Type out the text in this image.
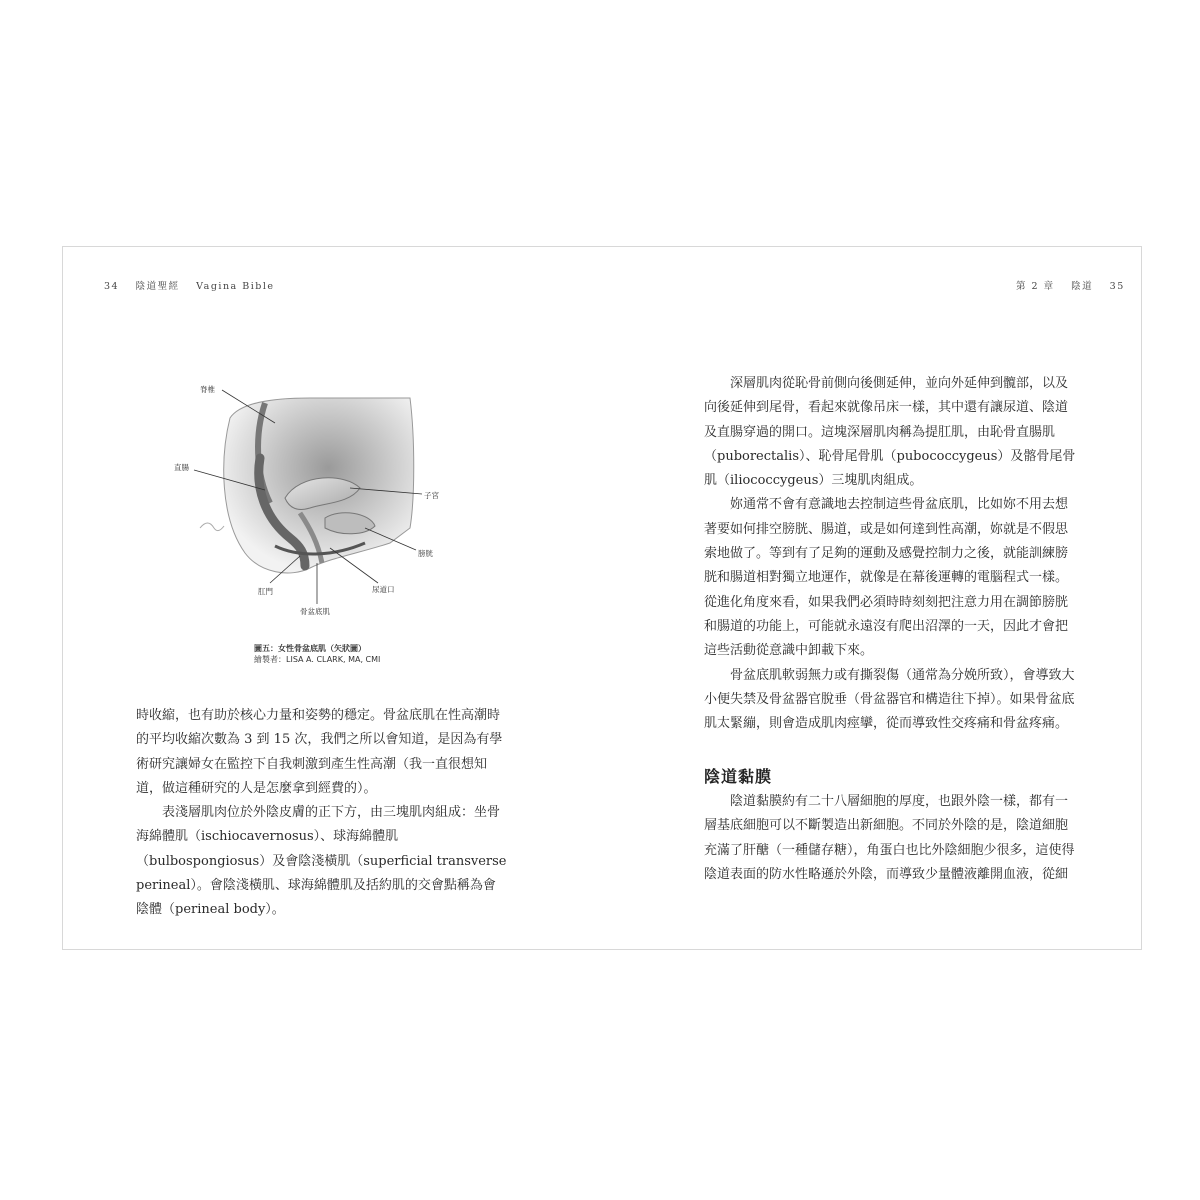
34 陰道聖經 Vagina Bible	第 2 章 陰道 35
脊椎
直腸
子宮
膀胱
肛門	尿道口
骨盆底肌
圖五：女性骨盆底肌（矢狀圖）
繪製者：LISA A. CLARK, MA, CMI

時收縮，也有助於核心力量和姿勢的穩定。骨盆底肌在性高潮時的平均收縮次數為 3 到 15 次，我們之所以會知道，是因為有學術研究讓婦女在監控下自我刺激到產生性高潮（我一直很想知道，做這種研究的人是怎麼拿到經費的）。

表淺層肌肉位於外陰皮膚的正下方，由三塊肌肉組成：坐骨海綿體肌（ischiocavernosus）、球海綿體肌（bulbospongiosus）及會陰淺橫肌（superficial transverse perineal）。會陰淺橫肌、球海綿體肌及括約肌的交會點稱為會陰體（perineal body）。

深層肌肉從恥骨前側向後側延伸，並向外延伸到髖部，以及向後延伸到尾骨，看起來就像吊床一樣，其中還有讓尿道、陰道及直腸穿過的開口。這塊深層肌肉稱為提肛肌，由恥骨直腸肌（puborectalis）、恥骨尾骨肌（pubococcygeus）及髂骨尾骨肌（iliococcygeus）三塊肌肉組成。

妳通常不會有意識地去控制這些骨盆底肌，比如妳不用去想著要如何排空膀胱、腸道，或是如何達到性高潮，妳就是不假思索地做了。等到有了足夠的運動及感覺控制力之後，就能訓練膀胱和腸道相對獨立地運作，就像是在幕後運轉的電腦程式一樣。從進化角度來看，如果我們必須時時刻刻把注意力用在調節膀胱和腸道的功能上，可能就永遠沒有爬出沼澤的一天，因此才會把這些活動從意識中卸載下來。

骨盆底肌軟弱無力或有撕裂傷（通常為分娩所致），會導致大小便失禁及骨盆器官脫垂（骨盆器官和構造往下掉）。如果骨盆底肌太緊繃，則會造成肌肉痙攣，從而導致性交疼痛和骨盆疼痛。

陰道黏膜

陰道黏膜約有二十八層細胞的厚度，也跟外陰一樣，都有一層基底細胞可以不斷製造出新細胞。不同於外陰的是，陰道細胞充滿了肝醣（一種儲存糖），角蛋白也比外陰細胞少很多，這使得陰道表面的防水性略遜於外陰，而導致少量體液離開血液，從細
